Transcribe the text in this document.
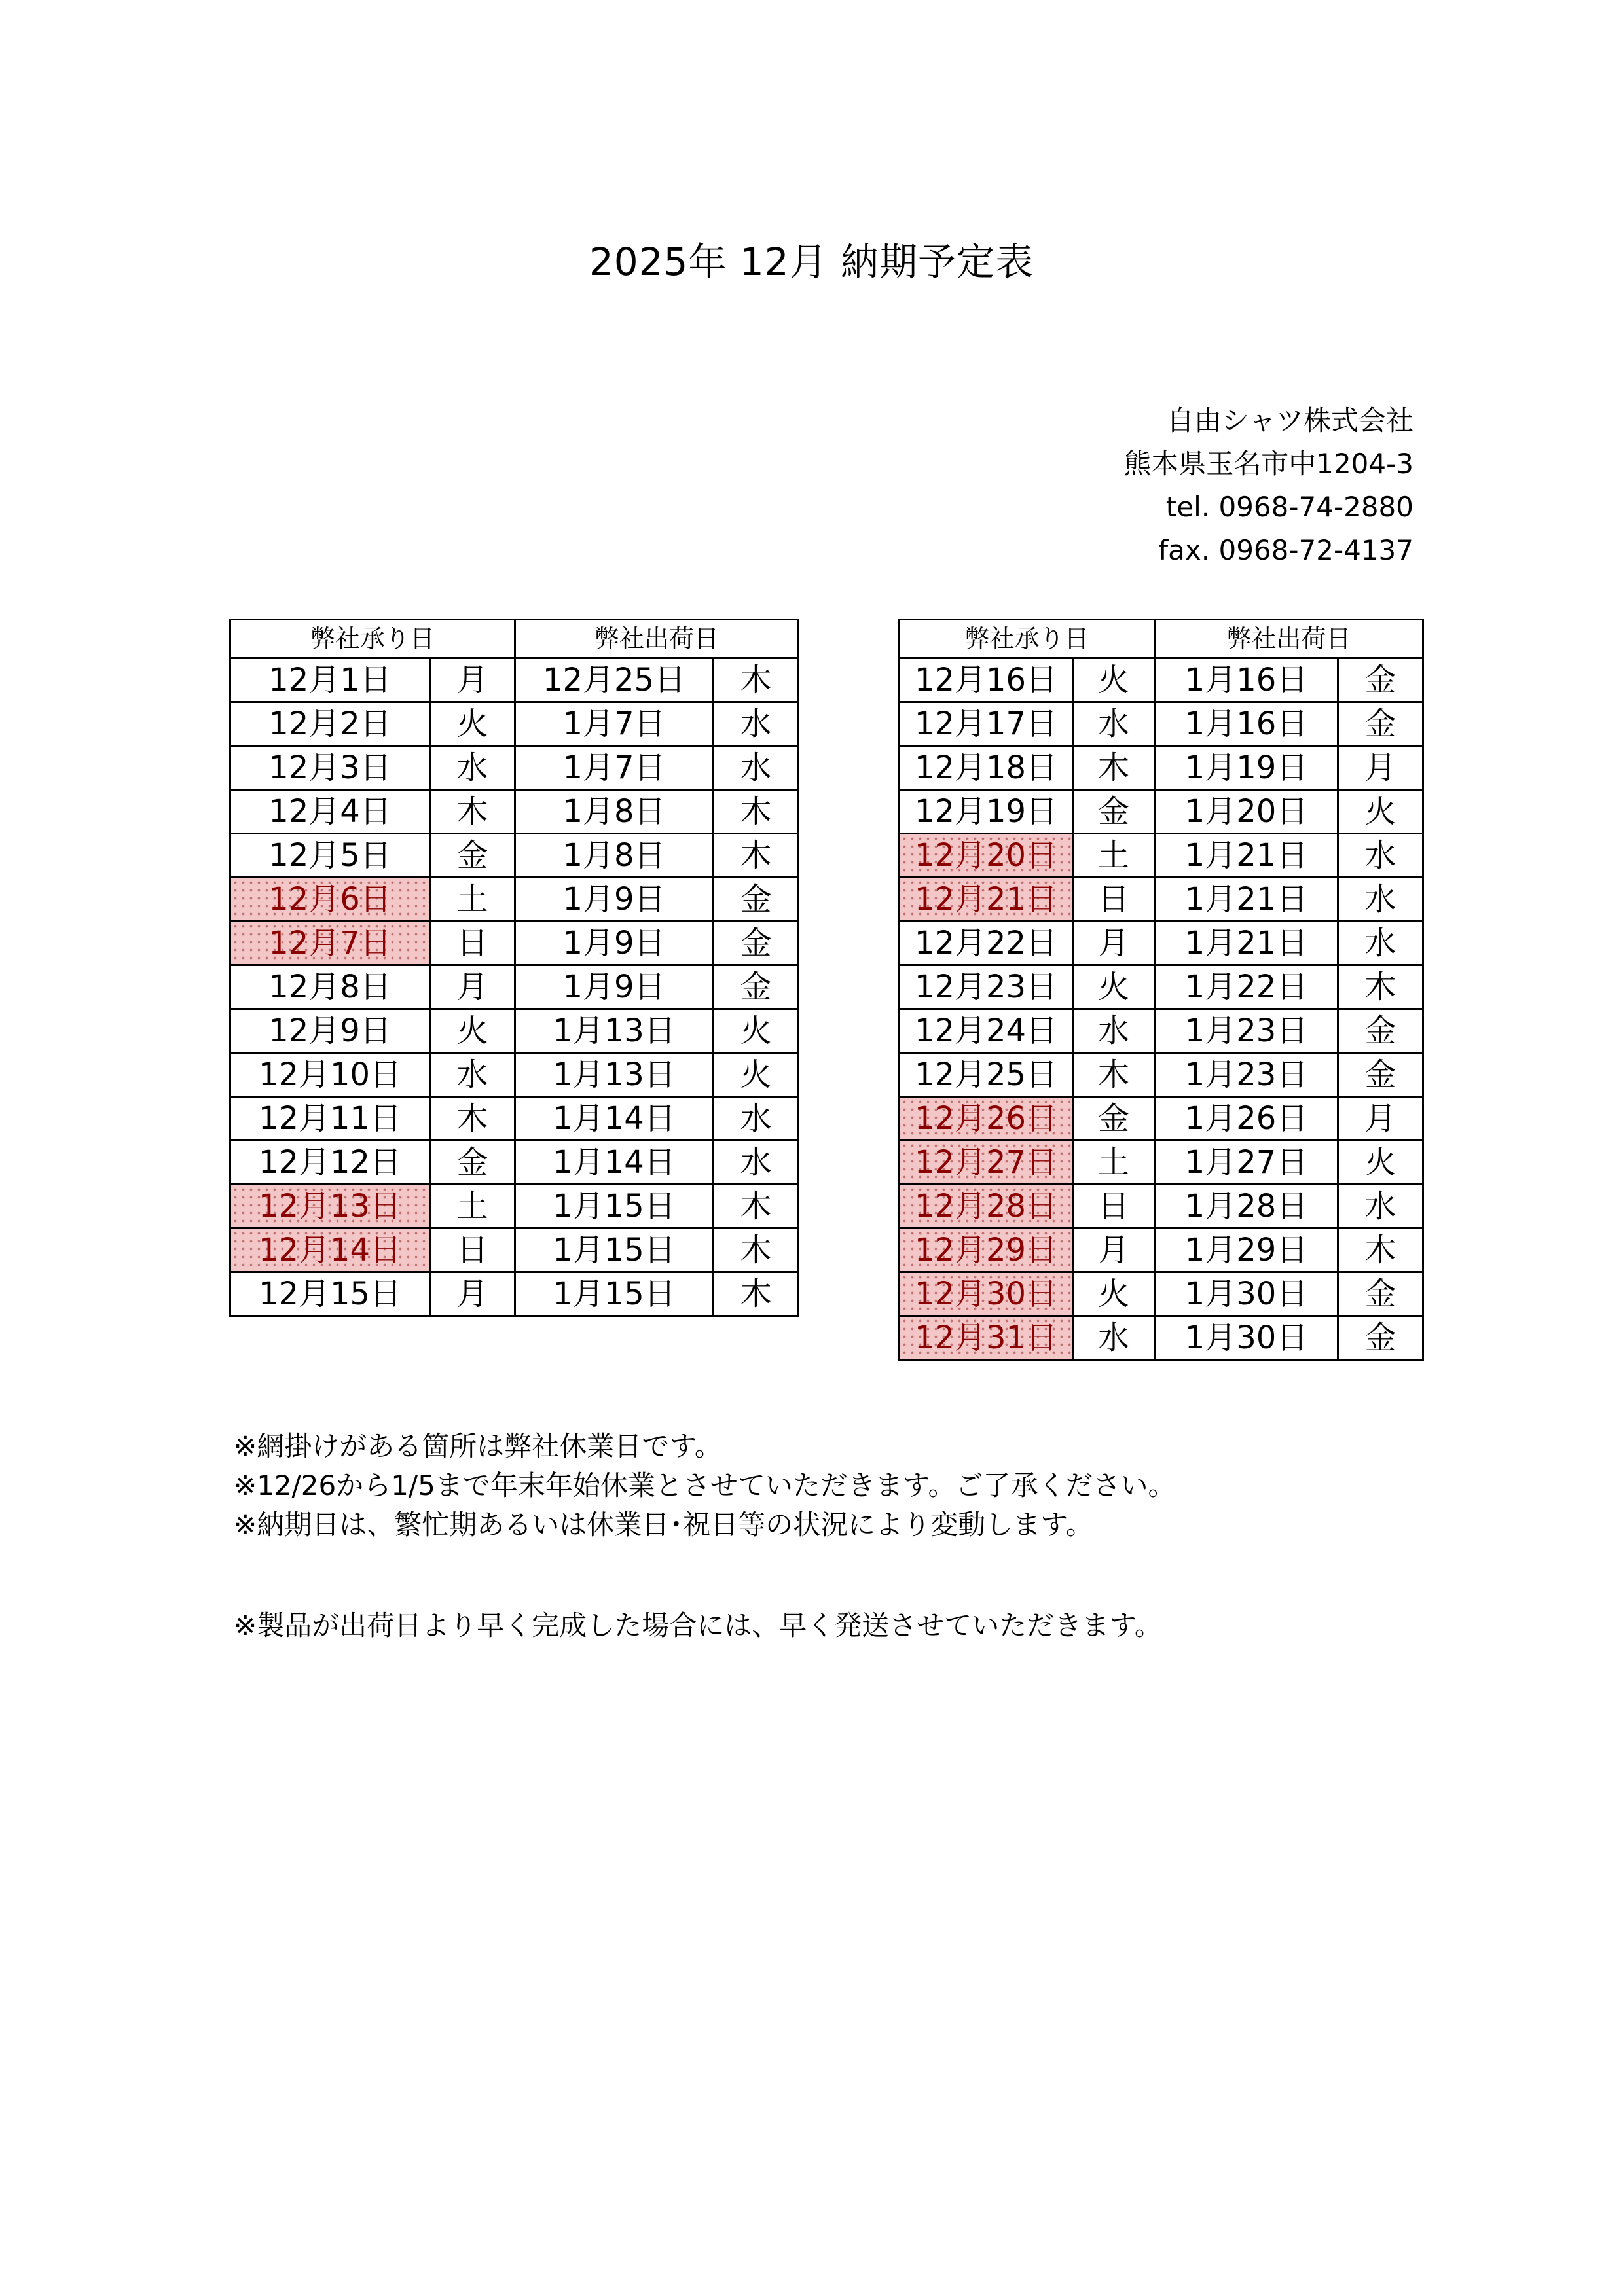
2025年 12月 納期予定表
自由シャツ株式会社
熊本県玉名市中1204-3
tel. 0968-74-2880
fax. 0968-72-4137
弊社承り日		弊社出荷日	
12月1日	月	12月25日	木
12月2日	火	1月7日	水
12月3日	水	1月7日	水
12月4日	木	1月8日	木
12月5日	金	1月8日	木
12月6日	土	1月9日	金
12月7日	日	1月9日	金
12月8日	月	1月9日	金
12月9日	火	1月13日	火
12月10日	水	1月13日	火
12月11日	木	1月14日	水
12月12日	金	1月14日	水
12月13日	土	1月15日	木
12月14日	日	1月15日	木
12月15日	月	1月15日	木
弊社承り日		弊社出荷日	
12月16日	火	1月16日	金
12月17日	水	1月16日	金
12月18日	木	1月19日	月
12月19日	金	1月20日	火
12月20日	土	1月21日	水
12月21日	日	1月21日	水
12月22日	月	1月21日	水
12月23日	火	1月22日	木
12月24日	水	1月23日	金
12月25日	木	1月23日	金
12月26日	金	1月26日	月
12月27日	土	1月27日	火
12月28日	日	1月28日	水
12月29日	月	1月29日	木
12月30日	火	1月30日	金
12月31日	水	1月30日	金
※網掛けがある箇所は弊社休業日です。
※12/26から1/5まで年末年始休業とさせていただきます。ご了承ください。
※納期日は、繁忙期あるいは休業日･祝日等の状況により変動します。
※製品が出荷日より早く完成した場合には、早く発送させていただきます。
